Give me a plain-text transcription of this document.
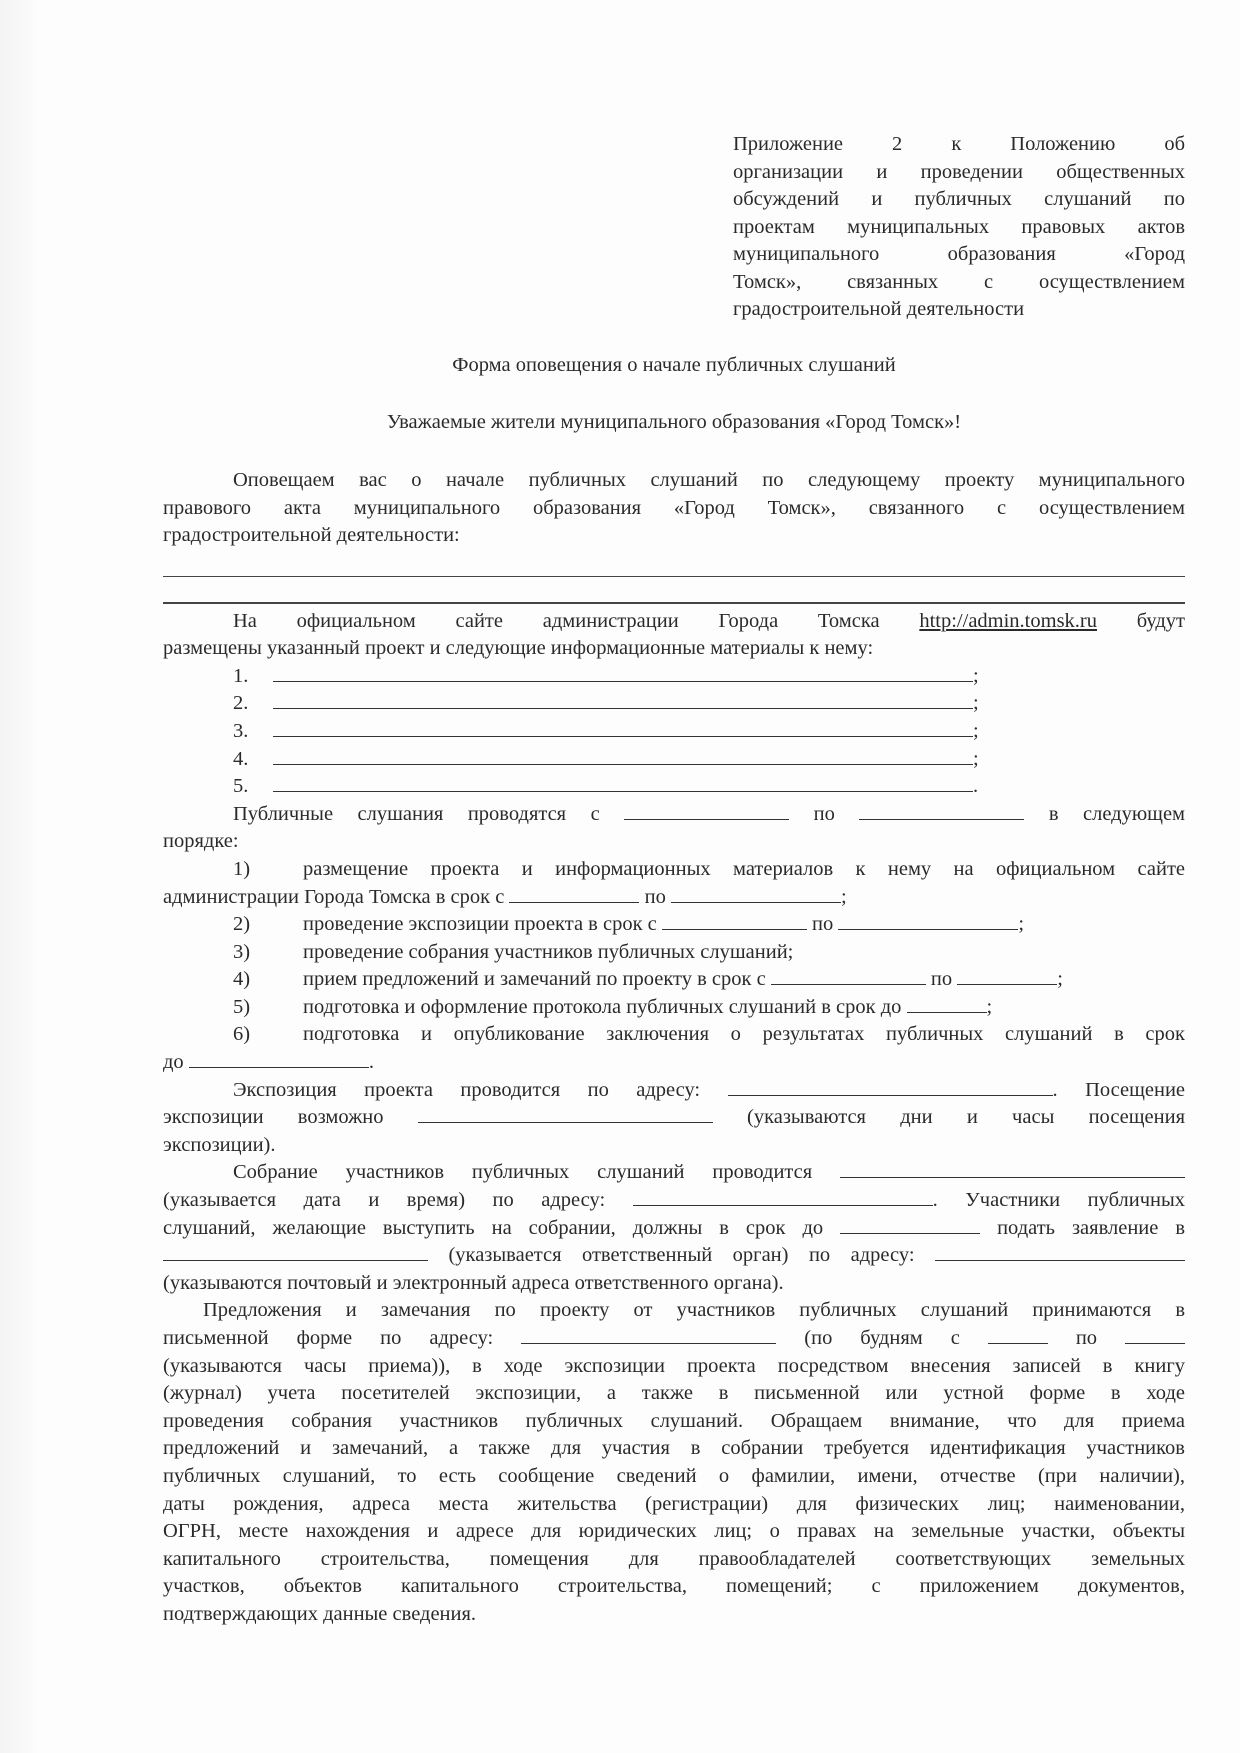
Приложение 2 к Положению об
организации и проведении общественных
обсуждений и публичных слушаний по
проектам муниципальных правовых актов
муниципального образования «Город
Томск», связанных с осуществлением
градостроительной деятельности
Форма оповещения о начале публичных слушаний
Уважаемые жители муниципального образования «Город Томск»!
Оповещаем вас о начале публичных слушаний по следующему проекту муниципального
правового акта муниципального образования «Город Томск», связанного с осуществлением
градостроительной деятельности:
На официальном сайте администрации Города Томска http://admin.tomsk.ru будут
размещены указанный проект и следующие информационные материалы к нему:
1.	;
2.	;
3.	;
4.	;
5.	.
Публичные слушания проводятся с	по	в следующем
порядке:
1)	размещение проекта и информационных материалов к нему на официальном сайте
администрации Города Томска в срок с	по	;
2)	проведение экспозиции проекта в срок с	по	;
3)	проведение собрания участников публичных слушаний;
4)	прием предложений и замечаний по проекту в срок с	по	;
5)	подготовка и оформление протокола публичных слушаний в срок до	;
6)	подготовка и опубликование заключения о результатах публичных слушаний в срок
до	.
Экспозиция проекта проводится по адресу:	. Посещение
экспозиции возможно	(указываются дни и часы посещения
экспозиции).
Собрание участников публичных слушаний проводится
(указывается дата и время) по адресу:	. Участники публичных
слушаний, желающие выступить на собрании, должны в срок до	подать заявление в
(указывается ответственный орган) по адресу:
(указываются почтовый и электронный адреса ответственного органа).
Предложения и замечания по проекту от участников публичных слушаний принимаются в
письменной форме по адресу:	(по будням с	по
(указываются часы приема)), в ходе экспозиции проекта посредством внесения записей в книгу
(журнал) учета посетителей экспозиции, а также в письменной или устной форме в ходе
проведения собрания участников публичных слушаний. Обращаем внимание, что для приема
предложений и замечаний, а также для участия в собрании требуется идентификация участников
публичных слушаний, то есть сообщение сведений о фамилии, имени, отчестве (при наличии),
даты рождения, адреса места жительства (регистрации) для физических лиц; наименовании,
ОГРН, месте нахождения и адресе для юридических лиц; о правах на земельные участки, объекты
капитального строительства, помещения для правообладателей соответствующих земельных
участков, объектов капитального строительства, помещений; с приложением документов,
подтверждающих данные сведения.
